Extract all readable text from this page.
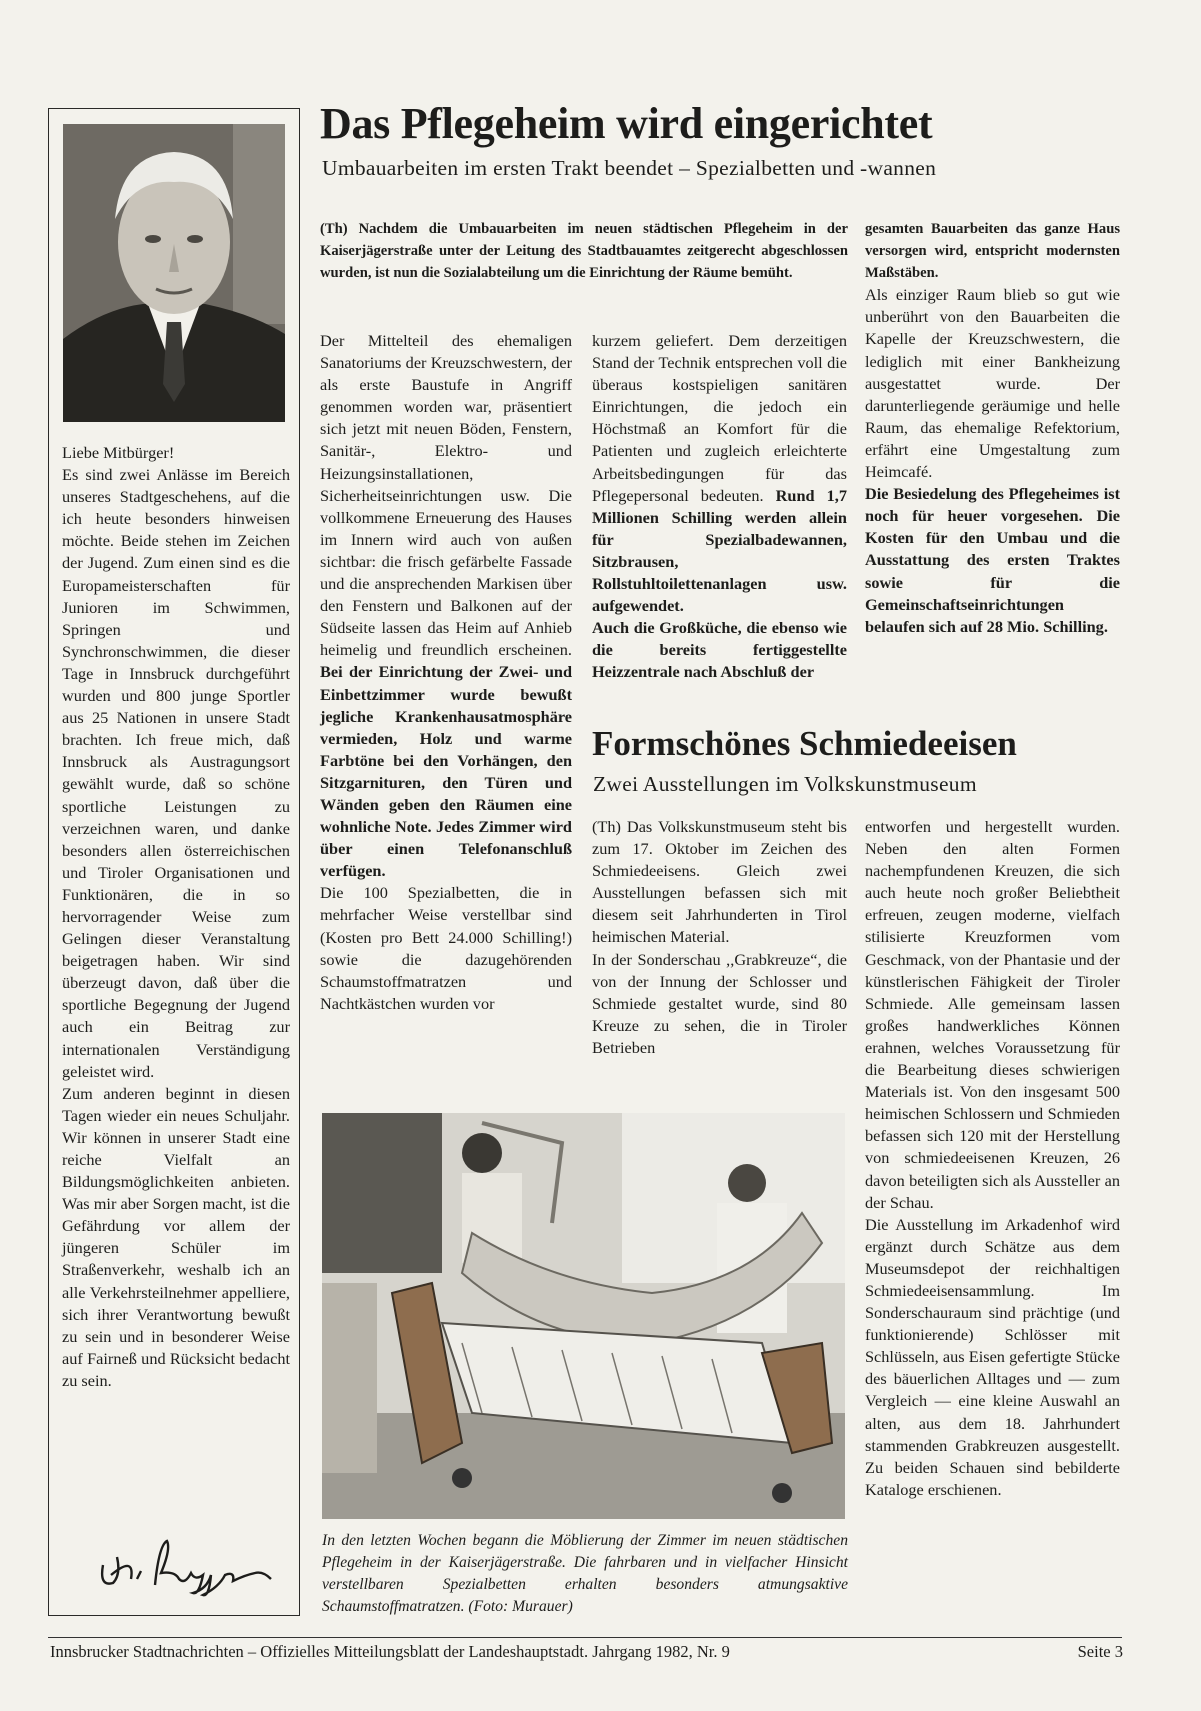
Liebe Mitbürger!

Es sind zwei Anlässe im Bereich unseres Stadtgeschehens, auf die ich heute besonders hinweisen möchte. Beide stehen im Zeichen der Jugend. Zum einen sind es die Europameisterschaften für Junioren im Schwimmen, Springen und Synchronschwimmen, die dieser Tage in Innsbruck durchgeführt wurden und 800 junge Sportler aus 25 Nationen in unsere Stadt brachten. Ich freue mich, daß Innsbruck als Austragungsort gewählt wurde, daß so schöne sportliche Leistungen zu verzeichnen waren, und danke besonders allen österreichischen und Tiroler Organisationen und Funktionären, die in so hervorragender Weise zum Gelingen dieser Veranstaltung beigetragen haben. Wir sind überzeugt davon, daß über die sportliche Begegnung der Jugend auch ein Beitrag zur internationalen Verständigung geleistet wird.

Zum anderen beginnt in diesen Tagen wieder ein neues Schuljahr. Wir können in unserer Stadt eine reiche Vielfalt an Bildungsmöglichkeiten anbieten. Was mir aber Sorgen macht, ist die Gefährdung vor allem der jüngeren Schüler im Straßenverkehr, weshalb ich an alle Verkehrsteilnehmer appelliere, sich ihrer Verantwortung bewußt zu sein und in besonderer Weise auf Fairneß und Rücksicht bedacht zu sein.

Das Pflegeheim wird eingerichtet
Umbauarbeiten im ersten Trakt beendet – Spezialbetten und -wannen
(Th) Nachdem die Umbauarbeiten im neuen städtischen Pflegeheim in der Kaiserjägerstraße unter der Leitung des Stadtbauamtes zeitgerecht abgeschlossen wurden, ist nun die Sozialabteilung um die Einrichtung der Räume bemüht.
Der Mittelteil des ehemaligen Sanatoriums der Kreuzschwestern, der als erste Baustufe in Angriff genommen worden war, präsentiert sich jetzt mit neuen Böden, Fenstern, Sanitär-, Elektro- und Heizungsinstallationen, Sicherheitseinrichtungen usw. Die vollkommene Erneuerung des Hauses im Innern wird auch von außen sichtbar: die frisch gefärbelte Fassade und die ansprechenden Markisen über den Fenstern und Balkonen auf der Südseite lassen das Heim auf Anhieb heimelig und freundlich erscheinen. Bei der Einrichtung der Zwei- und Einbettzimmer wurde bewußt jegliche Krankenhausatmosphäre vermieden, Holz und warme Farbtöne bei den Vorhängen, den Sitzgarnituren, den Türen und Wänden geben den Räumen eine wohnliche Note. Jedes Zimmer wird über einen Telefonanschluß verfügen.

Die 100 Spezialbetten, die in mehrfacher Weise verstellbar sind (Kosten pro Bett 24.000 Schilling!) sowie die dazugehörenden Schaumstoffmatratzen und Nachtkästchen wurden vor

kurzem geliefert. Dem derzeitigen Stand der Technik entsprechen voll die überaus kostspieligen sanitären Einrichtungen, die jedoch ein Höchstmaß an Komfort für die Patienten und zugleich erleichterte Arbeitsbedingungen für das Pflegepersonal bedeuten. Rund 1,7 Millionen Schilling werden allein für Spezialbadewannen, Sitzbrausen, Rollstuhltoilettenanlagen usw. aufgewendet.

Auch die Großküche, die ebenso wie die bereits fertiggestellte Heizzentrale nach Abschluß der

gesamten Bauarbeiten das ganze Haus versorgen wird, entspricht modernsten Maßstäben.

Als einziger Raum blieb so gut wie unberührt von den Bauarbeiten die Kapelle der Kreuzschwestern, die lediglich mit einer Bankheizung ausgestattet wurde. Der darunterliegende geräumige und helle Raum, das ehemalige Refektorium, erfährt eine Umgestaltung zum Heimcafé.

Die Besiedelung des Pflegeheimes ist noch für heuer vorgesehen. Die Kosten für den Umbau und die Ausstattung des ersten Traktes sowie für die Gemeinschaftseinrichtungen belaufen sich auf 28 Mio. Schilling.

Formschönes Schmiedeeisen
Zwei Ausstellungen im Volkskunstmuseum

(Th) Das Volkskunstmuseum steht bis zum 17. Oktober im Zeichen des Schmiedeeisens. Gleich zwei Ausstellungen befassen sich mit diesem seit Jahrhunderten in Tirol heimischen Material.

In der Sonderschau ,,Grabkreuze“, die von der Innung der Schlosser und Schmiede gestaltet wurde, sind 80 Kreuze zu sehen, die in Tiroler Betrieben

entworfen und hergestellt wurden. Neben den alten Formen nachempfundenen Kreuzen, die sich auch heute noch großer Beliebtheit erfreuen, zeugen moderne, vielfach stilisierte Kreuzformen vom Geschmack, von der Phantasie und der künstlerischen Fähigkeit der Tiroler Schmiede. Alle gemeinsam lassen großes handwerkliches Können erahnen, welches Voraussetzung für die Bearbeitung dieses schwierigen Materials ist. Von den insgesamt 500 heimischen Schlossern und Schmieden befassen sich 120 mit der Herstellung von schmiedeeisenen Kreuzen, 26 davon beteiligten sich als Aussteller an der Schau.

Die Ausstellung im Arkadenhof wird ergänzt durch Schätze aus dem Museumsdepot der reichhaltigen Schmiedeeisensammlung. Im Sonderschauraum sind prächtige (und funktionierende) Schlösser mit Schlüsseln, aus Eisen gefertigte Stücke des bäuerlichen Alltages und — zum Vergleich — eine kleine Auswahl an alten, aus dem 18. Jahrhundert stammenden Grabkreuzen ausgestellt. Zu beiden Schauen sind bebilderte Kataloge erschienen.

In den letzten Wochen begann die Möblierung der Zimmer im neuen städtischen Pflegeheim in der Kaiserjägerstraße. Die fahrbaren und in vielfacher Hinsicht verstellbaren Spezialbetten erhalten besonders atmungsaktive Schaumstoffmatratzen. (Foto: Murauer)
Innsbrucker Stadtnachrichten – Offizielles Mitteilungsblatt der Landeshauptstadt. Jahrgang 1982, Nr. 9	Seite 3
